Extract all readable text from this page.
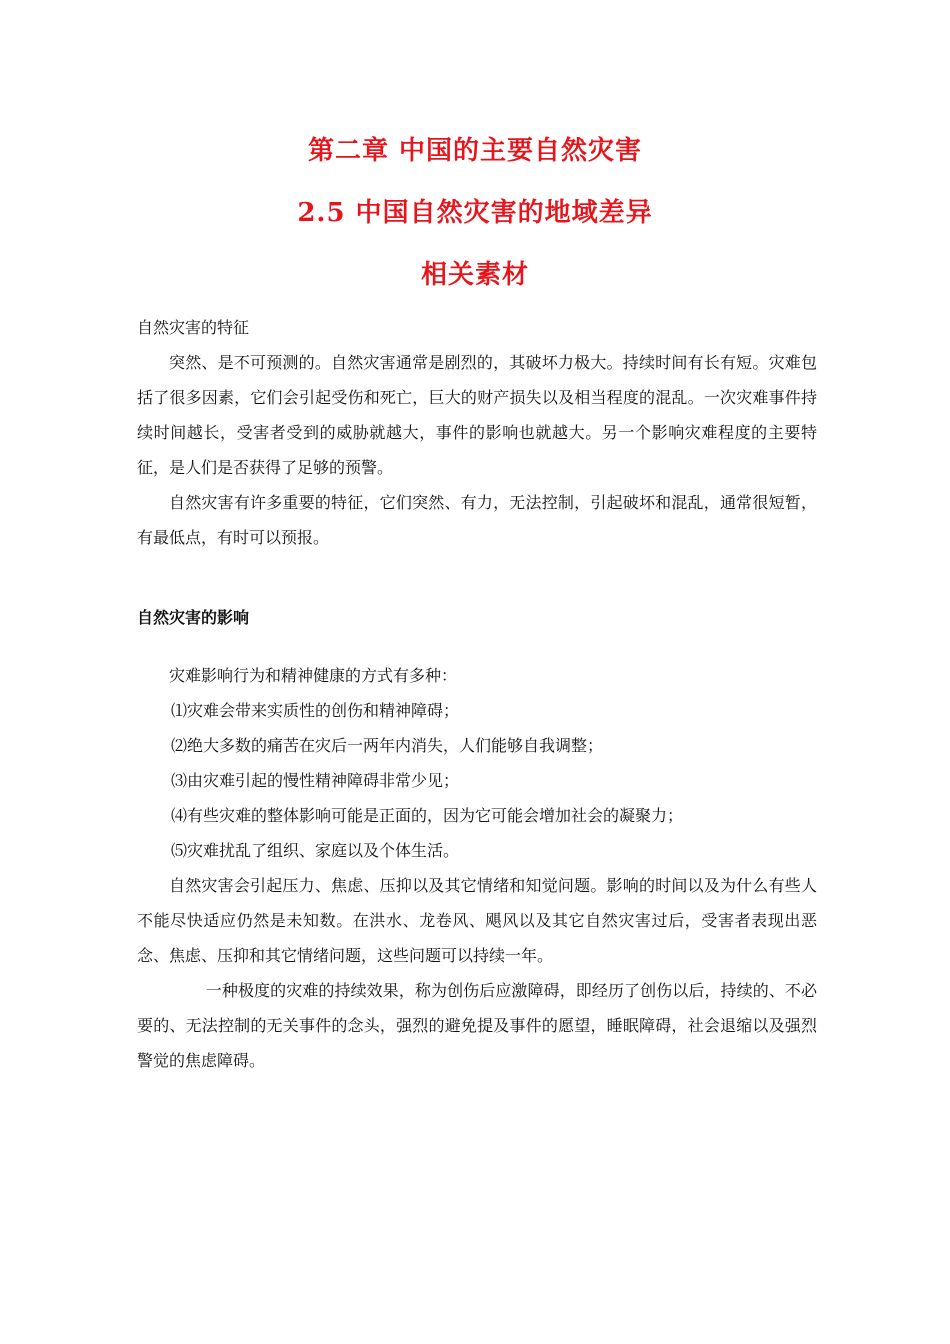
第二章 中国的主要自然灾害
2.5 中国自然灾害的地域差异
相关素材

自然灾害的特征

突然、是不可预测的。自然灾害通常是剧烈的，其破坏力极大。持续时间有长有短。灾难包括了很多因素，它们会引起受伤和死亡，巨大的财产损失以及相当程度的混乱。一次灾难事件持续时间越长，受害者受到的威胁就越大，事件的影响也就越大。另一个影响灾难程度的主要特征，是人们是否获得了足够的预警。

自然灾害有许多重要的特征，它们突然、有力，无法控制，引起破坏和混乱，通常很短暂，有最低点，有时可以预报。

自然灾害的影响

灾难影响行为和精神健康的方式有多种：

⑴灾难会带来实质性的创伤和精神障碍；

⑵绝大多数的痛苦在灾后一两年内消失，人们能够自我调整；

⑶由灾难引起的慢性精神障碍非常少见；

⑷有些灾难的整体影响可能是正面的，因为它可能会增加社会的凝聚力；

⑸灾难扰乱了组织、家庭以及个体生活。

自然灾害会引起压力、焦虑、压抑以及其它情绪和知觉问题。影响的时间以及为什么有些人不能尽快适应仍然是未知数。在洪水、龙卷风、飓风以及其它自然灾害过后，受害者表现出恶念、焦虑、压抑和其它情绪问题，这些问题可以持续一年。

一种极度的灾难的持续效果，称为创伤后应激障碍，即经历了创伤以后，持续的、不必要的、无法控制的无关事件的念头，强烈的避免提及事件的愿望，睡眠障碍，社会退缩以及强烈警觉的焦虑障碍。
